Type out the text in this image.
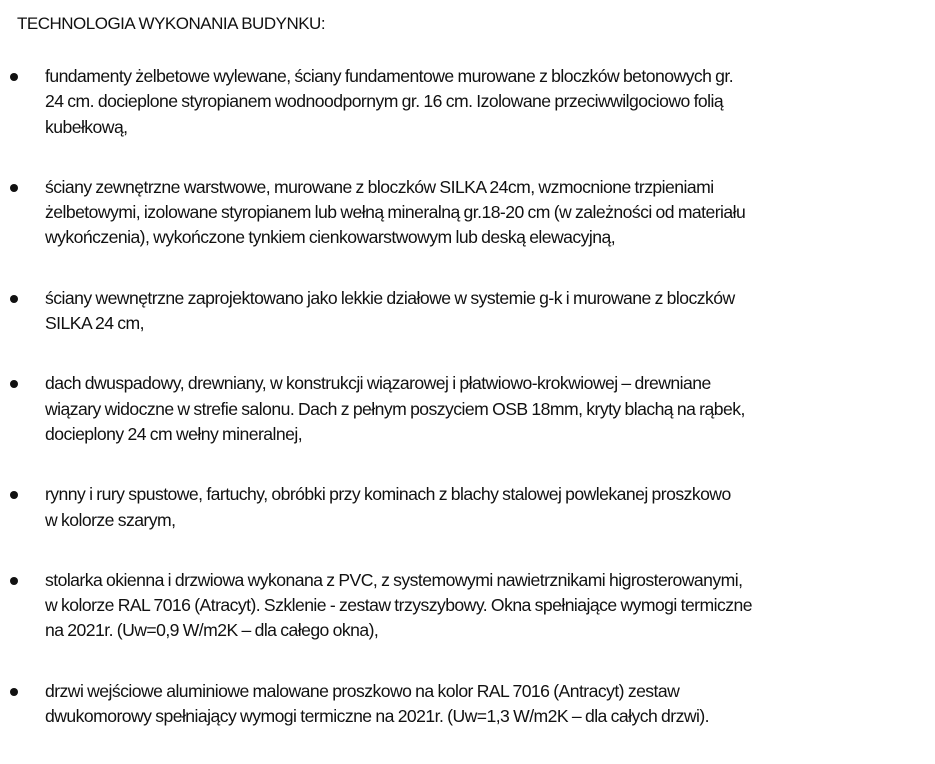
TECHNOLOGIA WYKONANIA BUDYNKU:
fundamenty żelbetowe wylewane, ściany fundamentowe murowane z bloczków betonowych gr.
24 cm. docieplone styropianem wodnoodpornym gr. 16 cm. Izolowane przeciwwilgociowo folią
kubełkową,
ściany zewnętrzne warstwowe, murowane z bloczków SILKA 24cm, wzmocnione trzpieniami
żelbetowymi, izolowane styropianem lub wełną mineralną gr.18-20 cm (w zależności od materiału
wykończenia), wykończone tynkiem cienkowarstwowym lub deską elewacyjną,
ściany wewnętrzne zaprojektowano jako lekkie działowe w systemie g-k i murowane z bloczków
SILKA 24 cm,
dach dwuspadowy, drewniany, w konstrukcji wiązarowej i płatwiowo-krokwiowej – drewniane
wiązary widoczne w strefie salonu. Dach z pełnym poszyciem OSB 18mm, kryty blachą na rąbek,
docieplony 24 cm wełny mineralnej,
rynny i rury spustowe, fartuchy, obróbki przy kominach z blachy stalowej powlekanej proszkowo
w kolorze szarym,
stolarka okienna i drzwiowa wykonana z PVC, z systemowymi nawietrznikami higrosterowanymi,
w kolorze RAL 7016 (Atracyt). Szklenie - zestaw trzyszybowy. Okna spełniające wymogi termiczne
na 2021r. (Uw=0,9 W/m2K – dla całego okna),
drzwi wejściowe aluminiowe malowane proszkowo na kolor RAL 7016 (Antracyt) zestaw
dwukomorowy spełniający wymogi termiczne na 2021r. (Uw=1,3 W/m2K – dla całych drzwi).
